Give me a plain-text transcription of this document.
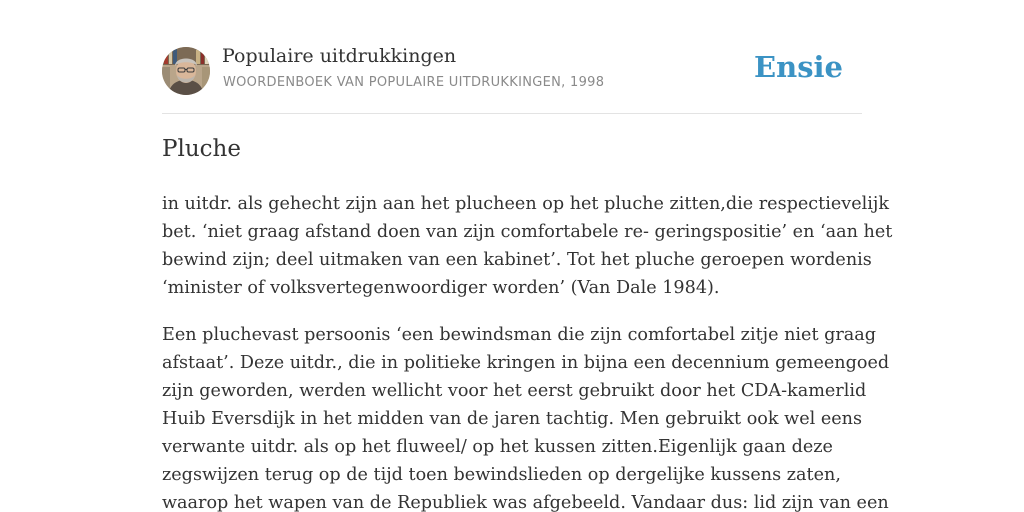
Populaire uitdrukkingen
WOORDENBOEK VAN POPULAIRE UITDRUKKINGEN, 1998	Ensie
Pluche

in uitdr. als gehecht zijn aan het plucheen op het pluche zitten,die respectievelijk
bet. ‘niet graag afstand doen van zijn comfortabele re- geringspositie’ en ‘aan het
bewind zijn; deel uitmaken van een kabinet’. Tot het pluche geroepen wordenis
‘minister of volksvertegenwoordiger worden’ (Van Dale 1984).

Een pluchevast persoonis ‘een bewindsman die zijn comfortabel zitje niet graag
afstaat’. Deze uitdr., die in politieke kringen in bijna een decennium gemeengoed
zijn geworden, werden wellicht voor het eerst gebruikt door het CDA-kamerlid
Huib Eversdijk in het midden van de jaren tachtig. Men gebruikt ook wel eens
verwante uitdr. als op het fluweel/ op het kussen zitten.Eigenlijk gaan deze
zegswijzen terug op de tijd toen bewindslieden op dergelijke kussens zaten,
waarop het wapen van de Republiek was afgebeeld. Vandaar dus: lid zijn van een
